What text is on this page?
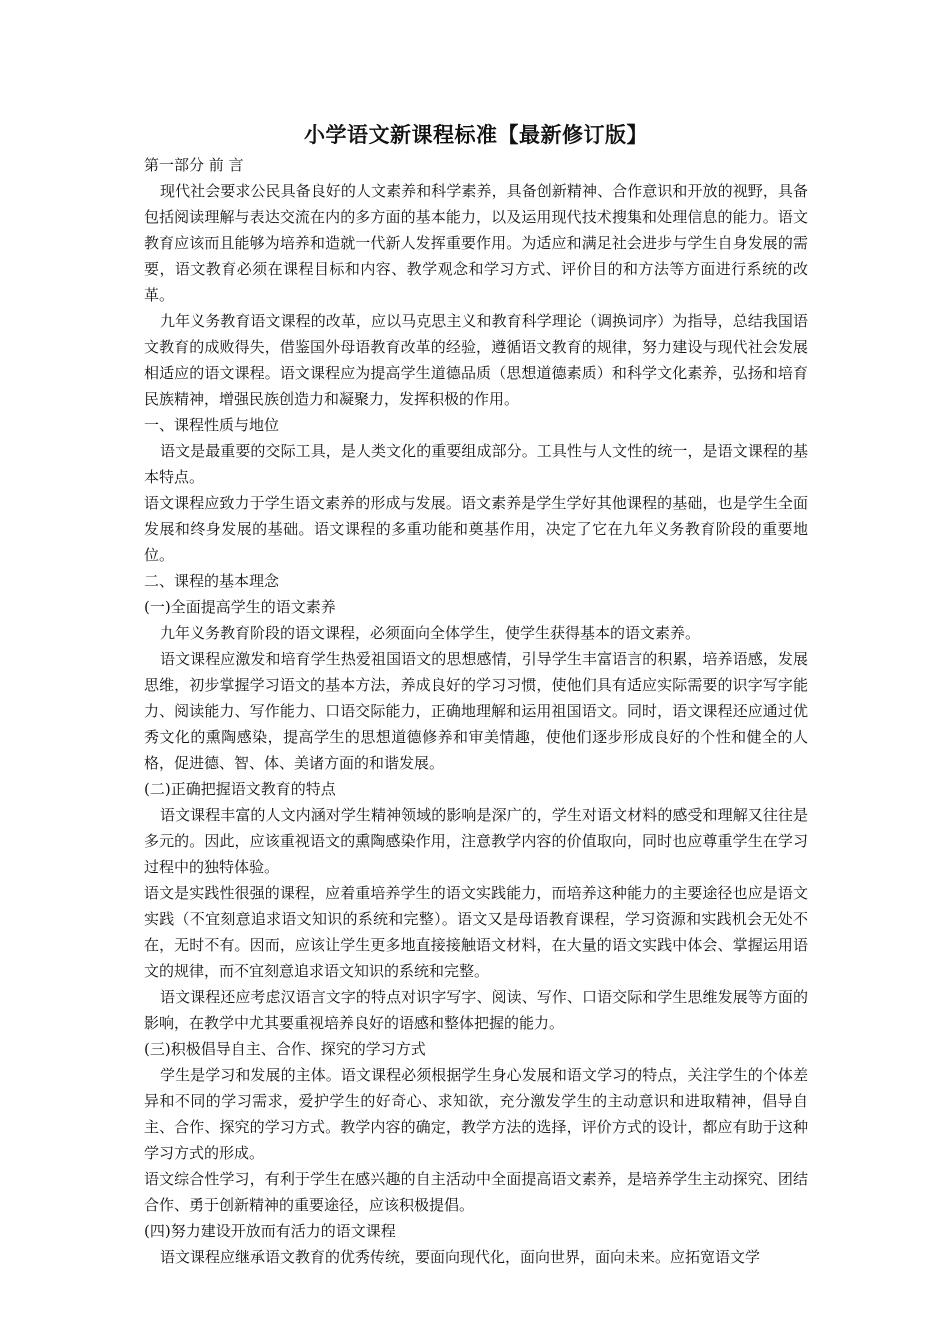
小学语文新课程标准【最新修订版】

第一部分 前 言

现代社会要求公民具备良好的人文素养和科学素养，具备创新精神、合作意识和开放的视野，具备包括阅读理解与表达交流在内的多方面的基本能力，以及运用现代技术搜集和处理信息的能力。语文教育应该而且能够为培养和造就一代新人发挥重要作用。为适应和满足社会进步与学生自身发展的需要，语文教育必须在课程目标和内容、教学观念和学习方式、评价目的和方法等方面进行系统的改革。

九年义务教育语文课程的改革，应以马克思主义和教育科学理论（调换词序）为指导，总结我国语文教育的成败得失，借鉴国外母语教育改革的经验，遵循语文教育的规律，努力建设与现代社会发展相适应的语文课程。语文课程应为提高学生道德品质（思想道德素质）和科学文化素养，弘扬和培育民族精神，增强民族创造力和凝聚力，发挥积极的作用。

一、课程性质与地位

语文是最重要的交际工具，是人类文化的重要组成部分。工具性与人文性的统一，是语文课程的基本特点。

语文课程应致力于学生语文素养的形成与发展。语文素养是学生学好其他课程的基础，也是学生全面发展和终身发展的基础。语文课程的多重功能和奠基作用，决定了它在九年义务教育阶段的重要地位。

二、课程的基本理念

(一)全面提高学生的语文素养

九年义务教育阶段的语文课程，必须面向全体学生，使学生获得基本的语文素养。

语文课程应激发和培育学生热爱祖国语文的思想感情，引导学生丰富语言的积累，培养语感，发展思维，初步掌握学习语文的基本方法，养成良好的学习习惯，使他们具有适应实际需要的识字写字能力、阅读能力、写作能力、口语交际能力，正确地理解和运用祖国语文。同时，语文课程还应通过优秀文化的熏陶感染，提高学生的思想道德修养和审美情趣，使他们逐步形成良好的个性和健全的人格，促进德、智、体、美诸方面的和谐发展。

(二)正确把握语文教育的特点

语文课程丰富的人文内涵对学生精神领域的影响是深广的，学生对语文材料的感受和理解又往往是多元的。因此，应该重视语文的熏陶感染作用，注意教学内容的价值取向，同时也应尊重学生在学习过程中的独特体验。

语文是实践性很强的课程，应着重培养学生的语文实践能力，而培养这种能力的主要途径也应是语文实践（不宜刻意追求语文知识的系统和完整）。语文又是母语教育课程，学习资源和实践机会无处不在，无时不有。因而，应该让学生更多地直接接触语文材料，在大量的语文实践中体会、掌握运用语文的规律，而不宜刻意追求语文知识的系统和完整。

语文课程还应考虑汉语言文字的特点对识字写字、阅读、写作、口语交际和学生思维发展等方面的影响，在教学中尤其要重视培养良好的语感和整体把握的能力。

(三)积极倡导自主、合作、探究的学习方式

学生是学习和发展的主体。语文课程必须根据学生身心发展和语文学习的特点，关注学生的个体差异和不同的学习需求，爱护学生的好奇心、求知欲，充分激发学生的主动意识和进取精神，倡导自主、合作、探究的学习方式。教学内容的确定，教学方法的选择，评价方式的设计，都应有助于这种学习方式的形成。

语文综合性学习，有利于学生在感兴趣的自主活动中全面提高语文素养，是培养学生主动探究、团结合作、勇于创新精神的重要途径，应该积极提倡。

(四)努力建设开放而有活力的语文课程

语文课程应继承语文教育的优秀传统，要面向现代化，面向世界，面向未来。应拓宽语文学
